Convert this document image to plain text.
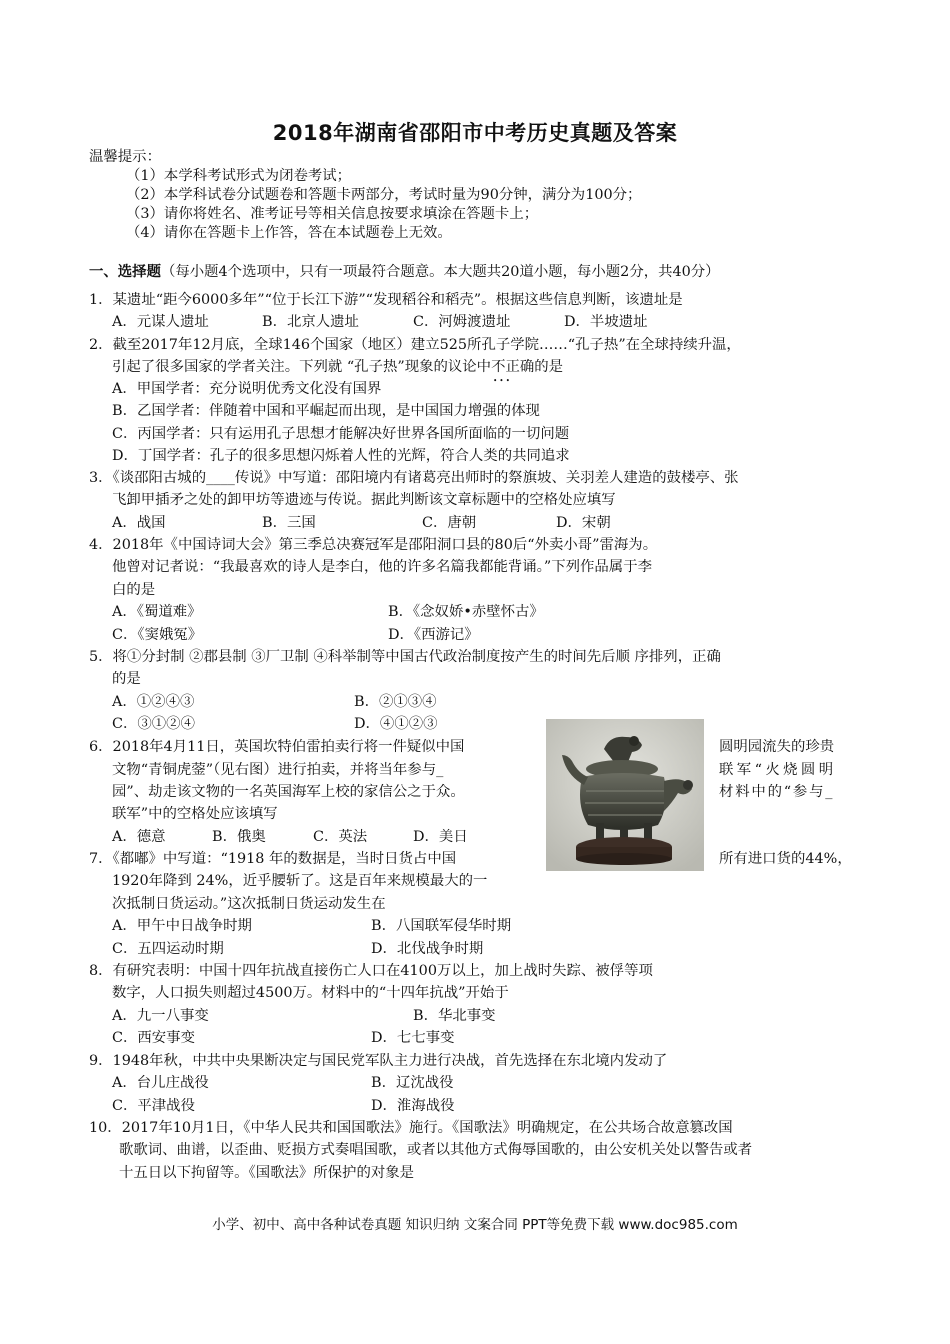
2018年湖南省邵阳市中考历史真题及答案
温馨提示：
（1）本学科考试形式为闭卷考试；
（2）本学科试卷分试题卷和答题卡两部分，考试时量为90分钟，满分为100分；
（3）请你将姓名、准考证号等相关信息按要求填涂在答题卡上；
（4）请你在答题卡上作答，答在本试题卷上无效。
一、选择题（每小题4个选项中，只有一项最符合题意。本大题共20道小题，每小题2分，共40分）
1．某遗址“距今6000多年”“位于长江下游”“发现稻谷和稻壳”。根据这些信息判断，该遗址是
A．元谋人遗址	B．北京人遗址	C．河姆渡遗址	D．半坡遗址
2．截至2017年12月底，全球146个国家（地区）建立525所孔子学院……“孔子热”在全球持续升温，
引起了很多国家的学者关注。下列就 “孔子热”现象的议论中不正确 • • •的是
A．甲国学者：充分说明优秀文化没有国界
B．乙国学者：伴随着中国和平崛起而出现，是中国国力增强的体现
C．丙国学者：只有运用孔子思想才能解决好世界各国所面临的一切问题
D．丁国学者：孔子的很多思想闪烁着人性的光辉，符合人类的共同追求
3．《谈邵阳古城的____传说》中写道：邵阳境内有诸葛亮出师时的祭旗坡、关羽差人建造的鼓楼亭、张
飞卸甲插矛之处的卸甲坊等遗迹与传说。据此判断该文章标题中的空格处应填写
A．战国	B．三国	C．唐朝	D．宋朝
4．2018年《中国诗词大会》第三季总决赛冠军是邵阳洞口县的80后“外卖小哥”雷海为。
他曾对记者说：“我最喜欢的诗人是李白，他的许多名篇我都能背诵。”下列作品属于李
白的是
A．《蜀道难》	B．《念奴娇•赤壁怀古》
C．《窦娥冤》	D．《西游记》
5．将①分封制 ②郡县制 ③厂卫制 ④科举制等中国古代政治制度按产生的时间先后顺 序排列，正确
的是
A．①②④③	B．②①③④
C．③①②④	D．④①②③
6．2018年4月11日，英国坎特伯雷拍卖行将一件疑似中国	圆明园流失的珍贵
文物“青铜虎蓥”（见右图）进行拍卖，并将当年参与_	联军“火烧圆明
园”、劫走该文物的一名英国海军上校的家信公之于众。	材料中的“参与_
联军”中的空格处应该填写
A．德意	B．俄奥	C．英法	D．美日
7．《都嘟》中写道：“1918 年的数据是，当时日货占中国	所有进口货的44%，
1920年降到 24%，近乎腰斩了。这是百年来规模最大的一
次抵制日货运动。”这次抵制日货运动发生在
A．甲午中日战争时期	B．八国联军侵华时期
C．五四运动时期	D．北伐战争时期
8．有研究表明：中国十四年抗战直接伤亡人口在4100万以上，加上战时失踪、被俘等项
数字，人口损失则超过4500万。材料中的“十四年抗战”开始于
A．九一八事变	B．华北事变
C．西安事变	D．七七事变
9．1948年秋，中共中央果断决定与国民党军队主力进行决战，首先选择在东北境内发动了
A．台儿庄战役	B．辽沈战役
C．平津战役	D．淮海战役
10．2017年10月1日，《中华人民共和国国歌法》施行。《国歌法》明确规定，在公共场合故意篡改国
歌歌词、曲谱，以歪曲、贬损方式奏唱国歌，或者以其他方式侮辱国歌的，由公安机关处以警告或者
十五日以下拘留等。《国歌法》所保护的对象是
小学、初中、高中各种试卷真题 知识归纳 文案合同 PPT等免费下载 www.doc985.com
